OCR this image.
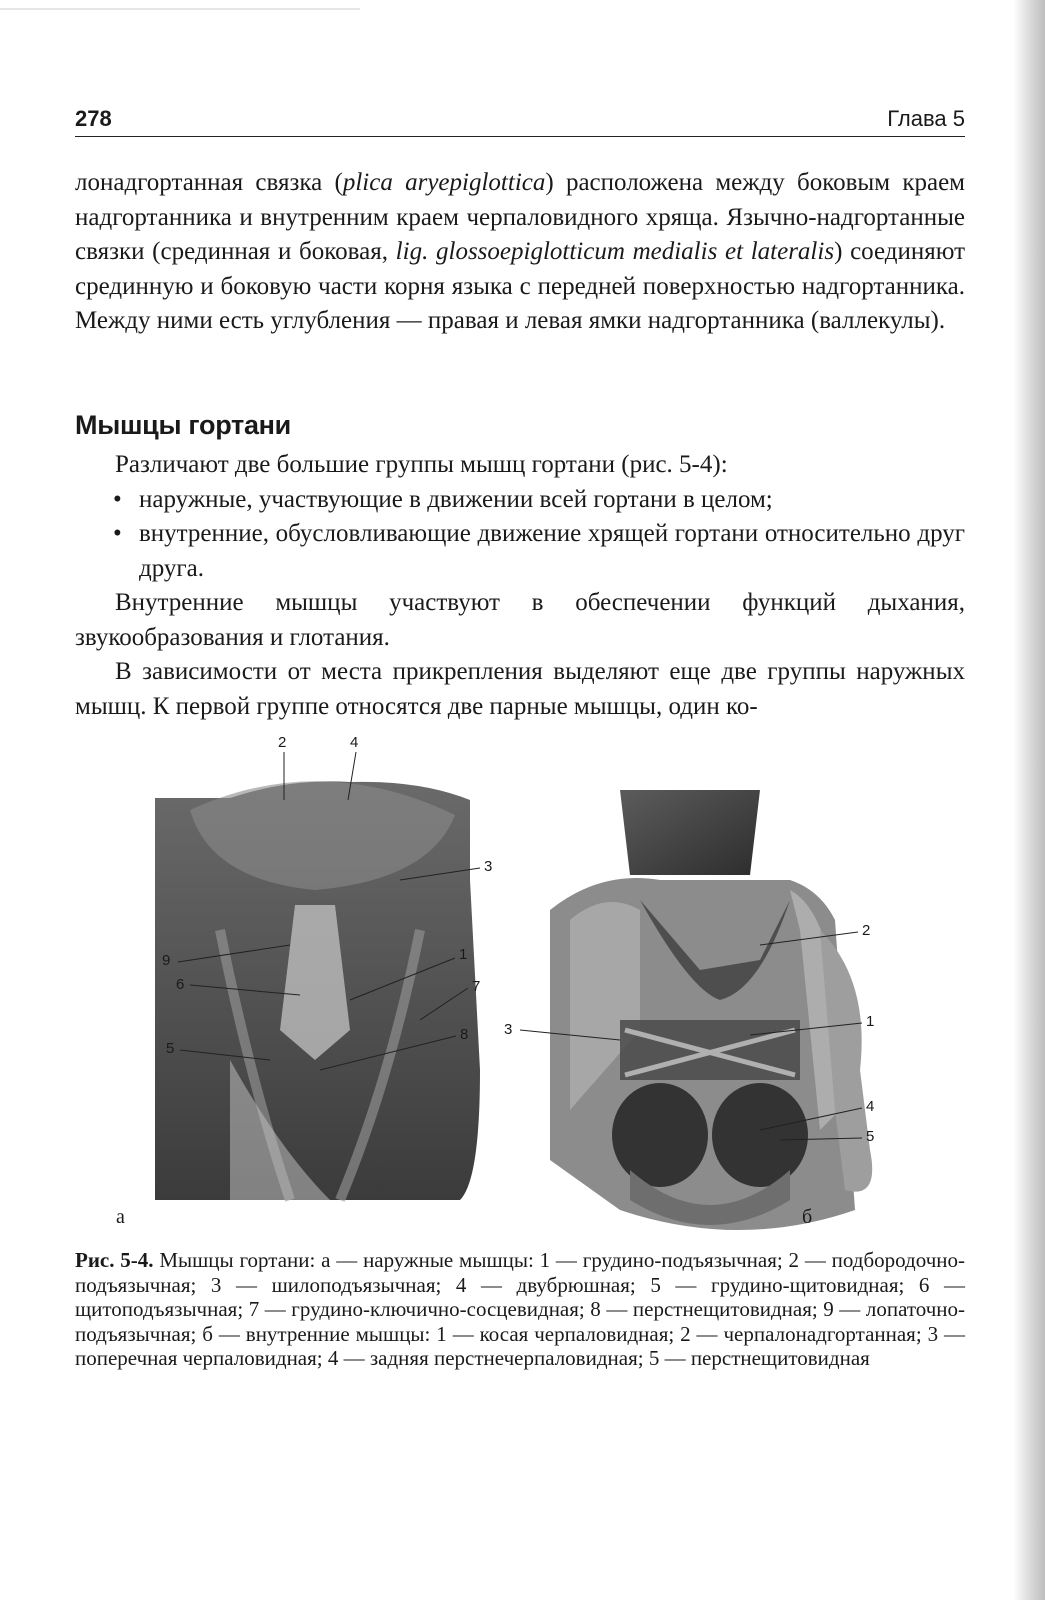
278	Глава 5

лонадгортанная связка (plica aryepiglottica) расположена между боковым краем надгортанника и внутренним краем черпаловидного хряща. Язычно-надгортанные связки (срединная и боковая, lig. glossoepiglotticum medialis et lateralis) соединяют срединную и боковую части корня языка с передней поверхностью надгортанника. Между ними есть углубления — правая и левая ямки надгортанника (валлекулы).

Мышцы гортани

Различают две большие группы мышц гортани (рис. 5-4):

• наружные, участвующие в движении всей гортани в целом;
• внутренние, обусловливающие движение хрящей гортани относительно друг друга.

Внутренние мышцы участвуют в обеспечении функций дыхания, звукообразования и глотания.

В зависимости от места прикрепления выделяют еще две группы наружных мышц. К первой группе относятся две парные мышцы, один ко-

2	4
3
9	1
6	7
8
5
а
2
1
3
4
5
б
Рис. 5-4. Мышцы гортани: а — наружные мышцы: 1 — грудино-подъязычная; 2 — подбородочно-подъязычная; 3 — шилоподъязычная; 4 — двубрюшная; 5 — грудино-щитовидная; 6 — щитоподъязычная; 7 — грудино-ключично-сосцевидная; 8 — перстнещитовидная; 9 — лопаточно-подъязычная; б — внутренние мышцы: 1 — косая черпаловидная; 2 — черпалонадгортанная; 3 — поперечная черпаловидная; 4 — задняя перстнечерпаловидная; 5 — перстнещитовидная
